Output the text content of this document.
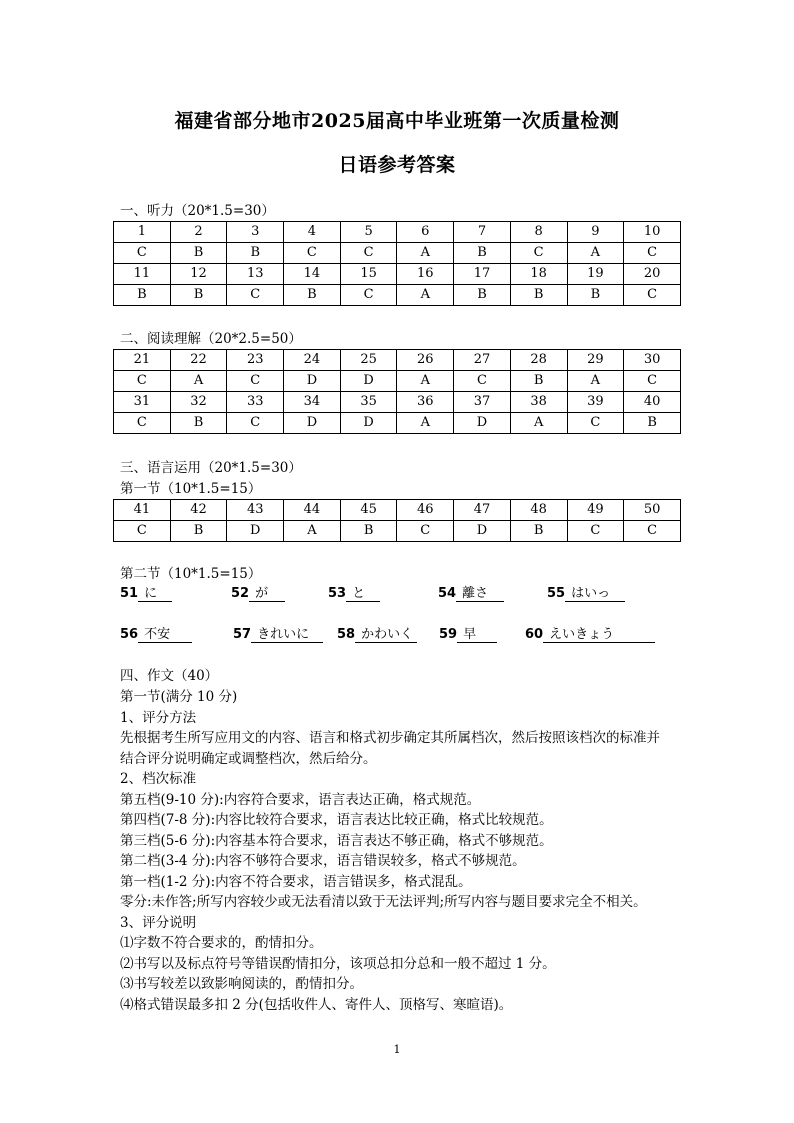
福建省部分地市2025届高中毕业班第一次质量检测
日语参考答案
一、听力（20*1.5=30）
1	2	3	4	5	6	7	8	9	10
C	B	B	C	C	A	B	C	A	C
11	12	13	14	15	16	17	18	19	20
B	B	C	B	C	A	B	B	B	C
二、阅读理解（20*2.5=50）
21	22	23	24	25	26	27	28	29	30
C	A	C	D	D	A	C	B	A	C
31	32	33	34	35	36	37	38	39	40
C	B	C	D	D	A	D	A	C	B
三、语言运用（20*1.5=30）
第一节（10*1.5=15）
41	42	43	44	45	46	47	48	49	50
C	B	D	A	B	C	D	B	C	C
第二节（10*1.5=15）
51 に	52 が	53 と	54 離さ	55 はいっ
56 不安	57 きれいに	58 かわいく	59 早	60 えいきょう
四、作文（40）
第一节(满分 10 分)
1、评分方法
先根据考生所写应用文的内容、语言和格式初步确定其所属档次，然后按照该档次的标准并
结合评分说明确定或调整档次，然后给分。
2、档次标准
第五档(9-10 分):内容符合要求，语言表达正确，格式规范。
第四档(7-8 分):内容比较符合要求，语言表达比较正确，格式比较规范。
第三档(5-6 分):内容基本符合要求，语言表达不够正确，格式不够规范。
第二档(3-4 分):内容不够符合要求，语言错误较多，格式不够规范。
第一档(1-2 分):内容不符合要求，语言错误多，格式混乱。
零分:未作答;所写内容较少或无法看清以致于无法评判;所写内容与题目要求完全不相关。
3、评分说明
⑴字数不符合要求的，酌情扣分。
⑵书写以及标点符号等错误酌情扣分，该项总扣分总和一般不超过 1 分。
⑶书写较差以致影响阅读的，酌情扣分。
⑷格式错误最多扣 2 分(包括收件人、寄件人、顶格写、寒暄语)。
1
